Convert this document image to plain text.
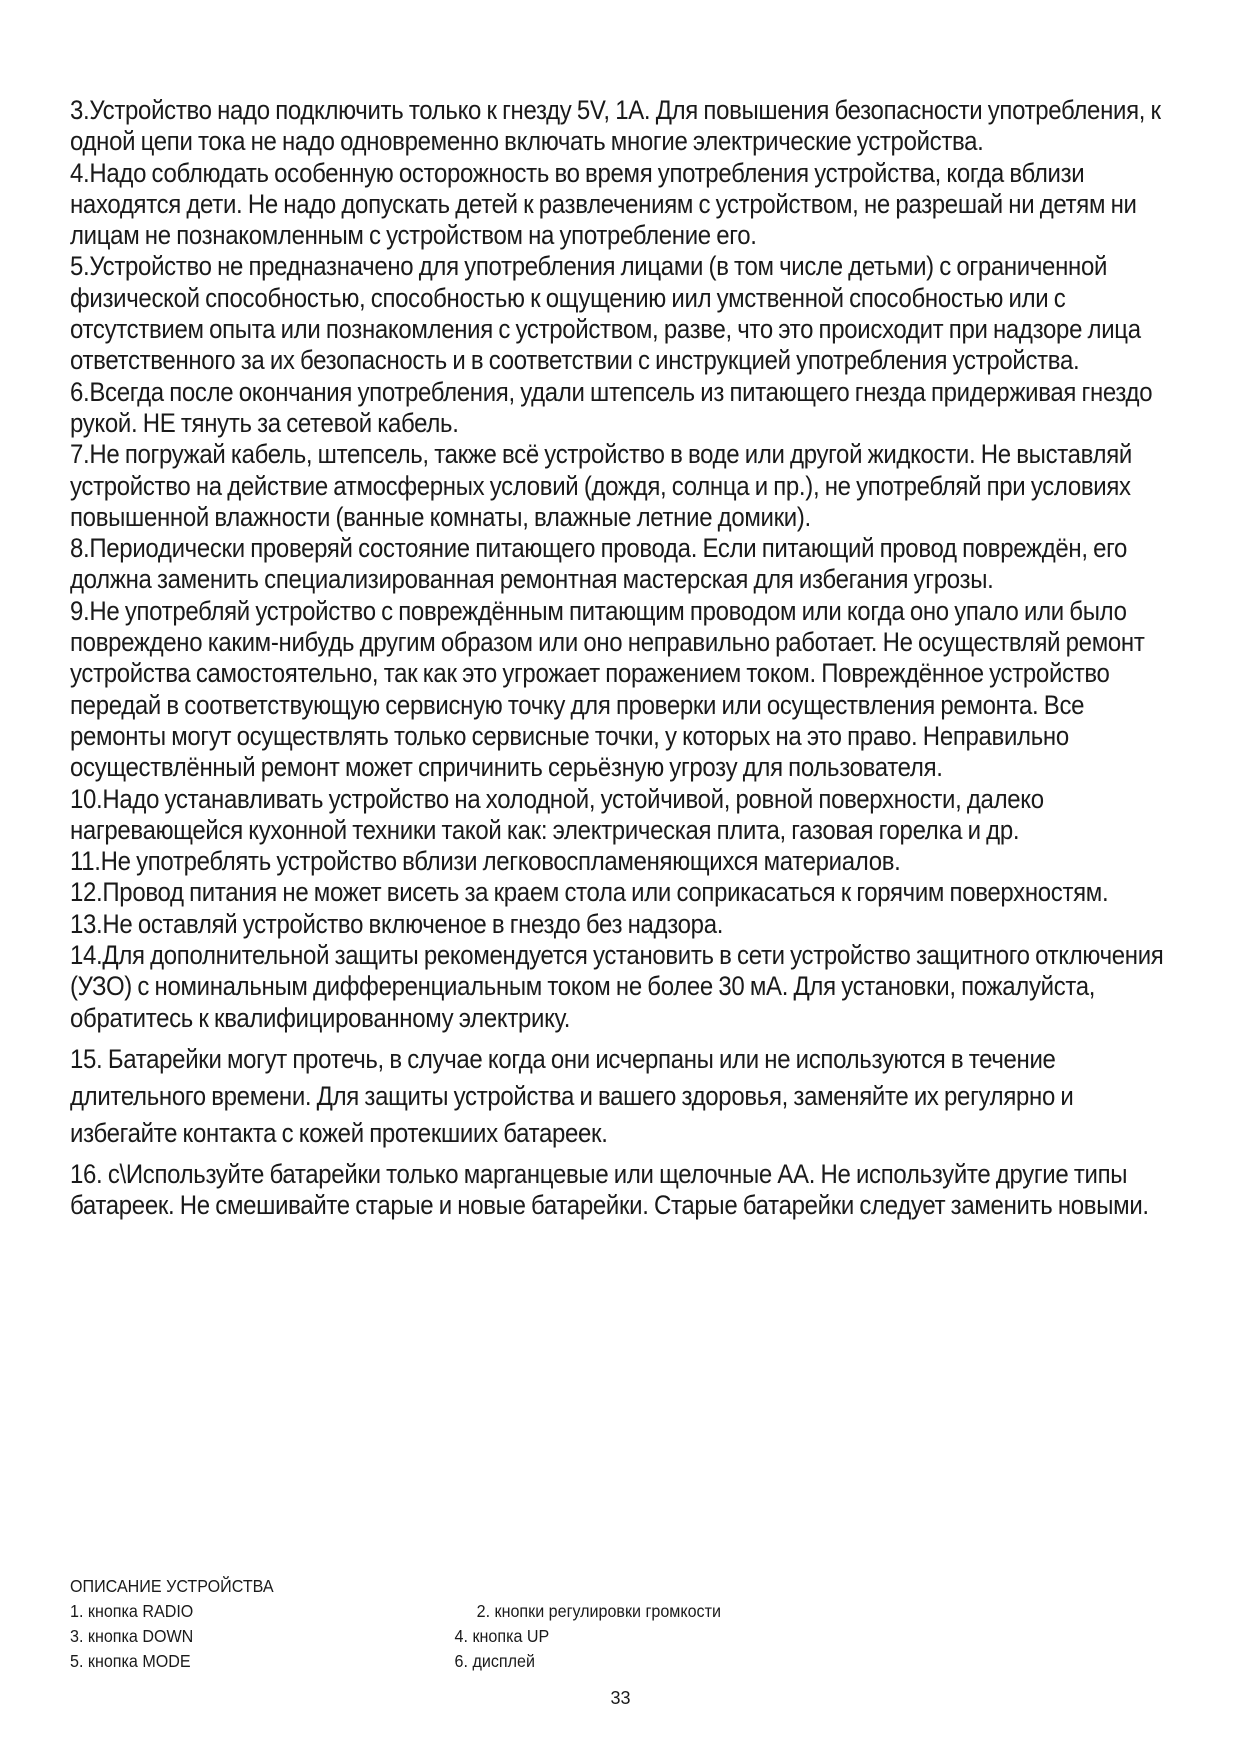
3.Устройство надо подключить только к гнезду 5V, 1A. Для повышения безопасности употребления, к одной цепи тока не надо одновременно включать многие электрические устройства.

4.Надо соблюдать особенную осторожность во время употребления устройства, когда вблизи находятся дети. Не надо допускать детей к развлечениям с устройством, не разрешай ни детям ни лицам не познакомленным с устройством на употребление его.

5.Устройство не предназначено для употребления лицами (в том числе детьми) с ограниченной физической способностью, способностью к ощущению иил умственной способностью или с отсутствием опыта или познакомления с устройством, разве, что это происходит при надзоре лица ответственного за их безопасность и в соответствии с инструкцией употребления устройства.

6.Всегда после окончания употребления, удали штепсель из питающего гнезда придерживая гнездо рукой. НЕ тянуть за сетевой кабель.

7.Не погружай кабель, штепсель, также всё устройство в воде или другой жидкости. Не выставляй устройство на действие атмосферных условий (дождя, солнца и пр.), не употребляй при условиях повышенной влажности (ванные комнаты, влажные летние домики).

8.Периодически проверяй состояние питающего провода. Если питающий провод повреждён, его должна заменить специализированная ремонтная мастерская для избегания угрозы.

9.Не употребляй устройство с повреждённым питающим проводом или когда оно упало или было повреждено каким-нибудь другим образом или оно неправильно работает. Не осуществляй ремонт устройства самостоятельно, так как это угрожает поражением током. Повреждённое устройство передай в соответствующую сервисную точку для проверки или осуществления ремонта. Все ремонты могут осуществлять только сервисные точки, у которых на это право. Неправильно осуществлённый ремонт может спричинить серьёзную угрозу для пользователя.

10.Надо устанавливать устройство на холодной, устойчивой, ровной поверхности, далеко нагревающейся кухонной техники такой как: электрическая плита, газовая горелка и др.

11.Не употреблять устройство вблизи легковоспламеняющихся материалов.

12.Провод питания не может висеть за краем стола или соприкасаться к горячим поверхностям.

13.Не оставляй устройство включеное в гнездо без надзора.

14.Для дополнительной защиты рекомендуется установить в сети устройство защитного отключения (УЗО) с номинальным дифференциальным током не более 30 мА. Для установки, пожалуйста, обратитесь к квалифицированному электрику.

15. Батарейки могут протечь, в случае когда они исчерпаны или не используются в течение длительного времени. Для защиты устройства и вашего здоровья, заменяйте их регулярно и избегайте контакта с кожей протекшиих батареек.

16. c\Используйте батарейки только марганцевые или щелочные АА. Не используйте другие типы батареек. Не смешивайте старые и новые батарейки. Старые батарейки следует заменить новыми.

ОПИСАНИЕ УСТРОЙСТВА

1. кнопка RADIO	2. кнопки регулировки громкости
3. кнопка DOWN	4. кнопка UP
5. кнопка MODE	6. дисплей
33
